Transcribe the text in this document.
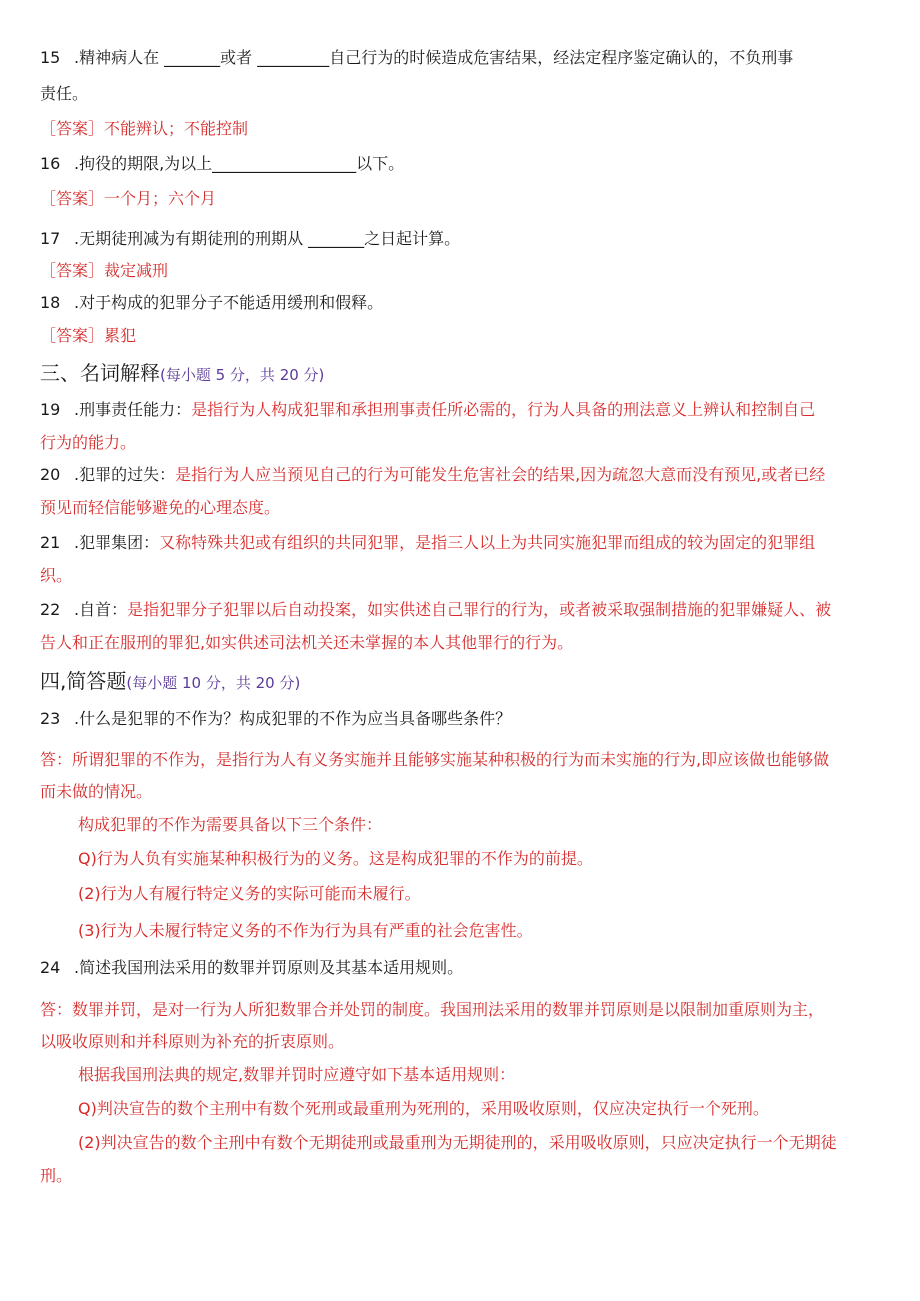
15 .精神病人在 _______或者 _________自己行为的时候造成危害结果，经法定程序鉴定确认的，不负刑事
责任。
［答案］不能辨认；不能控制
16 .拘役的期限,为以上__________________以下。
［答案］一个月；六个月
17 .无期徒刑减为有期徒刑的刑期从 _______之日起计算。
［答案］裁定减刑
18 .对于构成的犯罪分子不能适用缓刑和假释。
［答案］累犯
三、名词解释(每小题 5 分，共 20 分)
19 .刑事责任能力：是指行为人构成犯罪和承担刑事责任所必需的，行为人具备的刑法意义上辨认和控制自己
行为的能力。
20 .犯罪的过失：是指行为人应当预见自己的行为可能发生危害社会的结果,因为疏忽大意而没有预见,或者已经
预见而轻信能够避免的心理态度。
21 .犯罪集团：又称特殊共犯或有组织的共同犯罪，是指三人以上为共同实施犯罪而组成的较为固定的犯罪组
织。
22 .自首：是指犯罪分子犯罪以后自动投案，如实供述自己罪行的行为，或者被采取强制措施的犯罪嫌疑人、被
告人和正在服刑的罪犯,如实供述司法机关还未掌握的本人其他罪行的行为。
四,简答题(每小题 10 分，共 20 分)
23 .什么是犯罪的不作为？构成犯罪的不作为应当具备哪些条件？
答：所谓犯罪的不作为，是指行为人有义务实施并且能够实施某种积极的行为而未实施的行为,即应该做也能够做
而未做的情况。
构成犯罪的不作为需要具备以下三个条件：
Q)行为人负有实施某种积极行为的义务。这是构成犯罪的不作为的前提。
(2)行为人有履行特定义务的实际可能而未履行。
(3)行为人未履行特定义务的不作为行为具有严重的社会危害性。
24 .简述我国刑法采用的数罪并罚原则及其基本适用规则。
答：数罪并罚，是对一行为人所犯数罪合并处罚的制度。我国刑法采用的数罪并罚原则是以限制加重原则为主，
以吸收原则和并科原则为补充的折衷原则。
根据我国刑法典的规定,数罪并罚时应遵守如下基本适用规则：
Q)判决宣告的数个主刑中有数个死刑或最重刑为死刑的，采用吸收原则，仅应决定执行一个死刑。
(2)判决宣告的数个主刑中有数个无期徒刑或最重刑为无期徒刑的，采用吸收原则，只应决定执行一个无期徒
刑。
